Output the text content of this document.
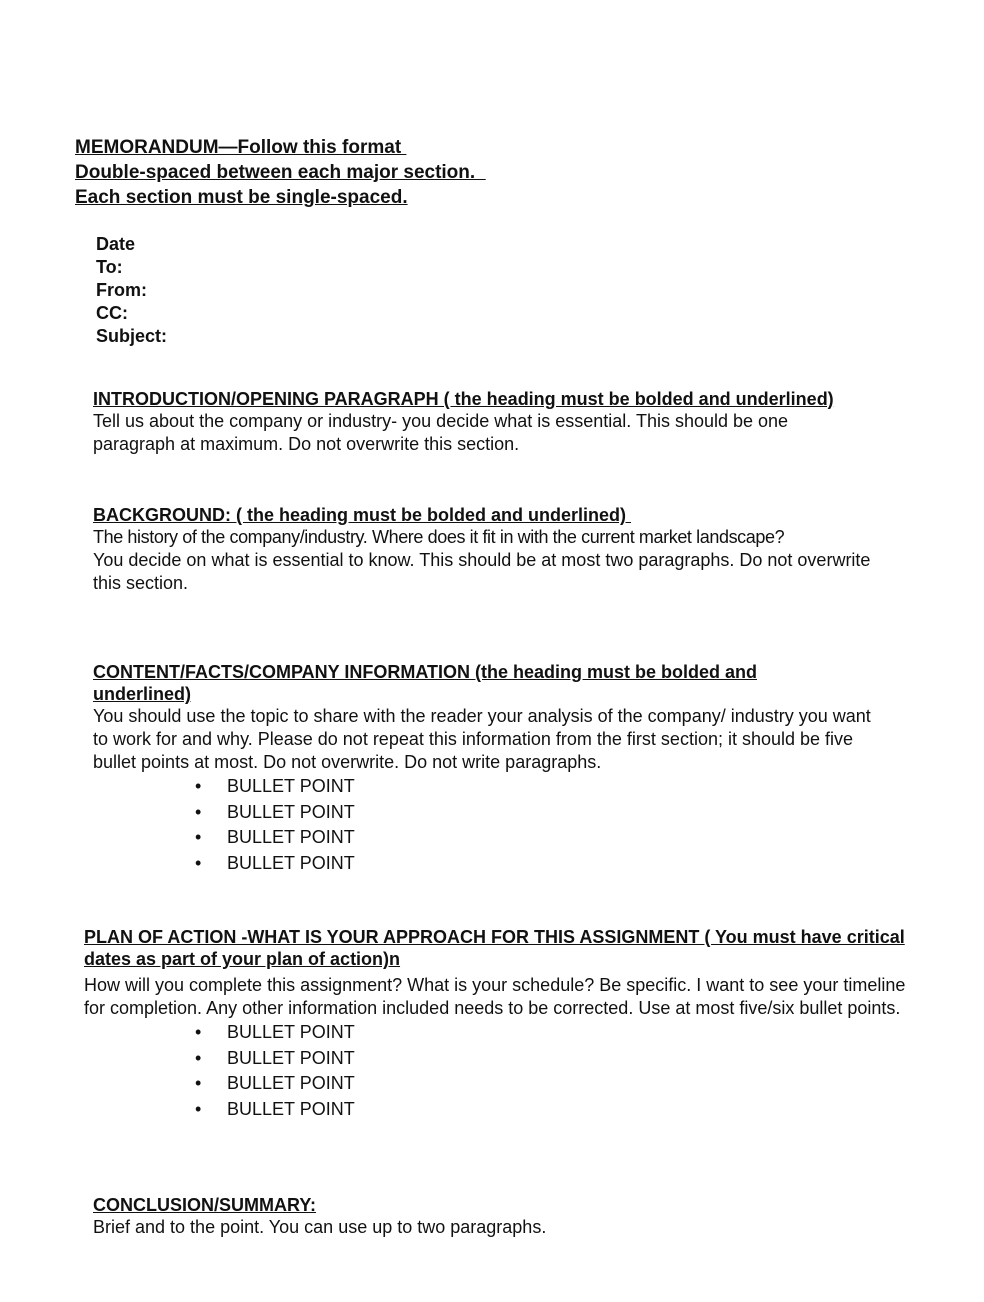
MEMORANDUM—Follow this format
Double-spaced between each major section.
Each section must be single-spaced.
Date
To:
From:
CC:
Subject:
INTRODUCTION/OPENING PARAGRAPH ( the heading must be bolded and underlined)
Tell us about the company or industry- you decide what is essential. This should be one paragraph at maximum. Do not overwrite this section.
BACKGROUND: ( the heading must be bolded and underlined)
The history of the company/industry. Where does it fit in with the current market landscape?
You decide on what is essential to know. This should be at most two paragraphs. Do not overwrite this section.
CONTENT/FACTS/COMPANY INFORMATION (the heading must be bolded and underlined)
You should use the topic to share with the reader your analysis of the company/ industry you want to work for and why. Please do not repeat this information from the first section; it should be five bullet points at most. Do not overwrite. Do not write paragraphs.
• BULLET POINT
• BULLET POINT
• BULLET POINT
• BULLET POINT
PLAN OF ACTION -WHAT IS YOUR APPROACH FOR THIS ASSIGNMENT ( You must have critical dates as part of your plan of action)n
How will you complete this assignment? What is your schedule? Be specific. I want to see your timeline for completion. Any other information included needs to be corrected. Use at most five/six bullet points.
• BULLET POINT
• BULLET POINT
• BULLET POINT
• BULLET POINT
CONCLUSION/SUMMARY:
Brief and to the point. You can use up to two paragraphs.
